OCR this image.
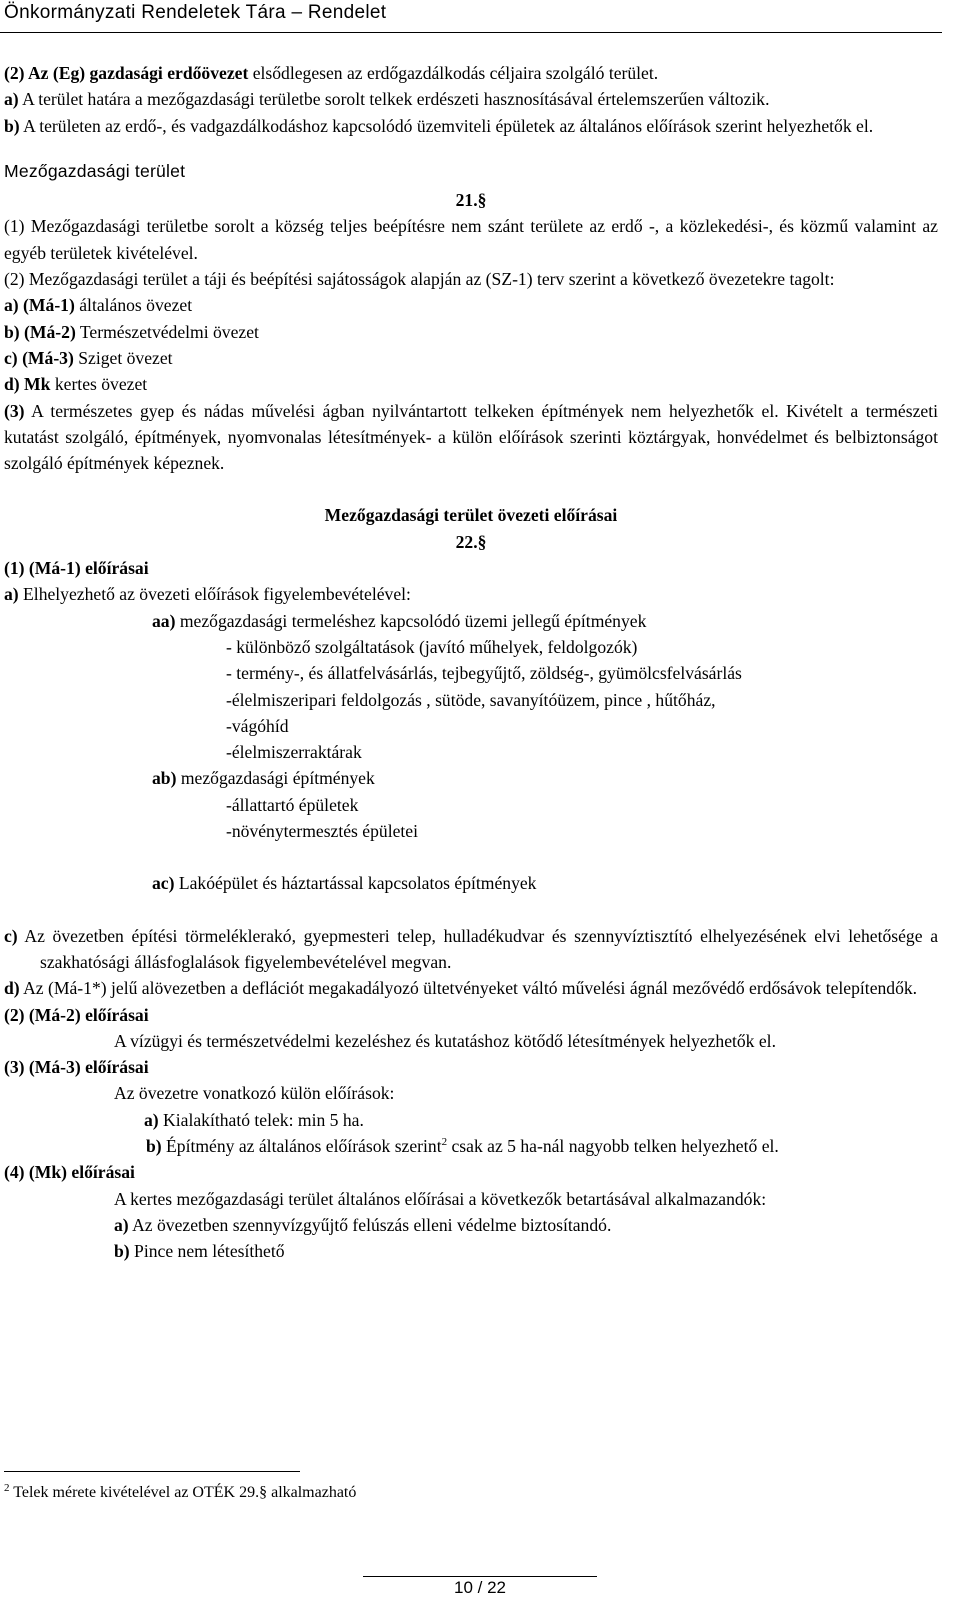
Önkormányzati Rendeletek Tára – Rendelet

(2) Az (Eg) gazdasági erdőövezet elsődlegesen az erdőgazdálkodás céljaira szolgáló terület.

a) A terület határa a mezőgazdasági területbe sorolt telkek erdészeti hasznosításával értelemszerűen változik.

b) A területen az erdő-, és vadgazdálkodáshoz kapcsolódó üzemviteli épületek az általános előírások szerint helyezhetők el.

Mezőgazdasági terület

21.§

(1) Mezőgazdasági területbe sorolt a község teljes beépítésre nem szánt területe az erdő -, a közlekedési-, és közmű valamint az egyéb területek kivételével.

(2) Mezőgazdasági terület a táji és beépítési sajátosságok alapján az (SZ-1) terv szerint a következő övezetekre tagolt:

a) (Má-1) általános övezet

b) (Má-2) Természetvédelmi övezet

c) (Má-3) Sziget övezet

d) Mk kertes övezet

(3) A természetes gyep és nádas művelési ágban nyilvántartott telkeken építmények nem helyezhetők el. Kivételt a természeti kutatást szolgáló, építmények, nyomvonalas létesítmények- a külön előírások szerinti köztárgyak, honvédelmet és belbiztonságot szolgáló építmények képeznek.

Mezőgazdasági terület övezeti előírásai

22.§

(1) (Má-1) előírásai

a) Elhelyezhető az övezeti előírások figyelembevételével:

aa) mezőgazdasági termeléshez kapcsolódó üzemi jellegű építmények

- különböző szolgáltatások (javító műhelyek, feldolgozók)

- termény-, és állatfelvásárlás, tejbegyűjtő, zöldség-, gyümölcsfelvásárlás

-élelmiszeripari feldolgozás , sütöde, savanyítóüzem, pince , hűtőház,

-vágóhíd

-élelmiszerraktárak

ab) mezőgazdasági építmények

-állattartó épületek

-növénytermesztés épületei

ac) Lakóépület és háztartással kapcsolatos építmények

c) Az övezetben építési törmeléklerakó, gyepmesteri telep, hulladékudvar és szennyvíztisztító elhelyezésének elvi lehetősége a szakhatósági állásfoglalások figyelembevételével megvan.

d) Az (Má-1*) jelű alövezetben a deflációt megakadályozó ültetvényeket váltó művelési ágnál mezővédő erdősávok telepítendők.

(2) (Má-2) előírásai

A vízügyi és természetvédelmi kezeléshez és kutatáshoz kötődő létesítmények helyezhetők el.

(3) (Má-3) előírásai

Az övezetre vonatkozó külön előírások:

a) Kialakítható telek: min 5 ha.

b) Építmény az általános előírások szerint$^2$ csak az 5 ha-nál nagyobb telken helyezhető el.

(4) (Mk) előírásai

A kertes mezőgazdasági terület általános előírásai a következők betartásával alkalmazandók:

a) Az övezetben szennyvízgyűjtő felúszás elleni védelme biztosítandó.

b) Pince nem létesíthető

$^2$ Telek mérete kivételével az OTÉK 29.§ alkalmazható
10 / 22
